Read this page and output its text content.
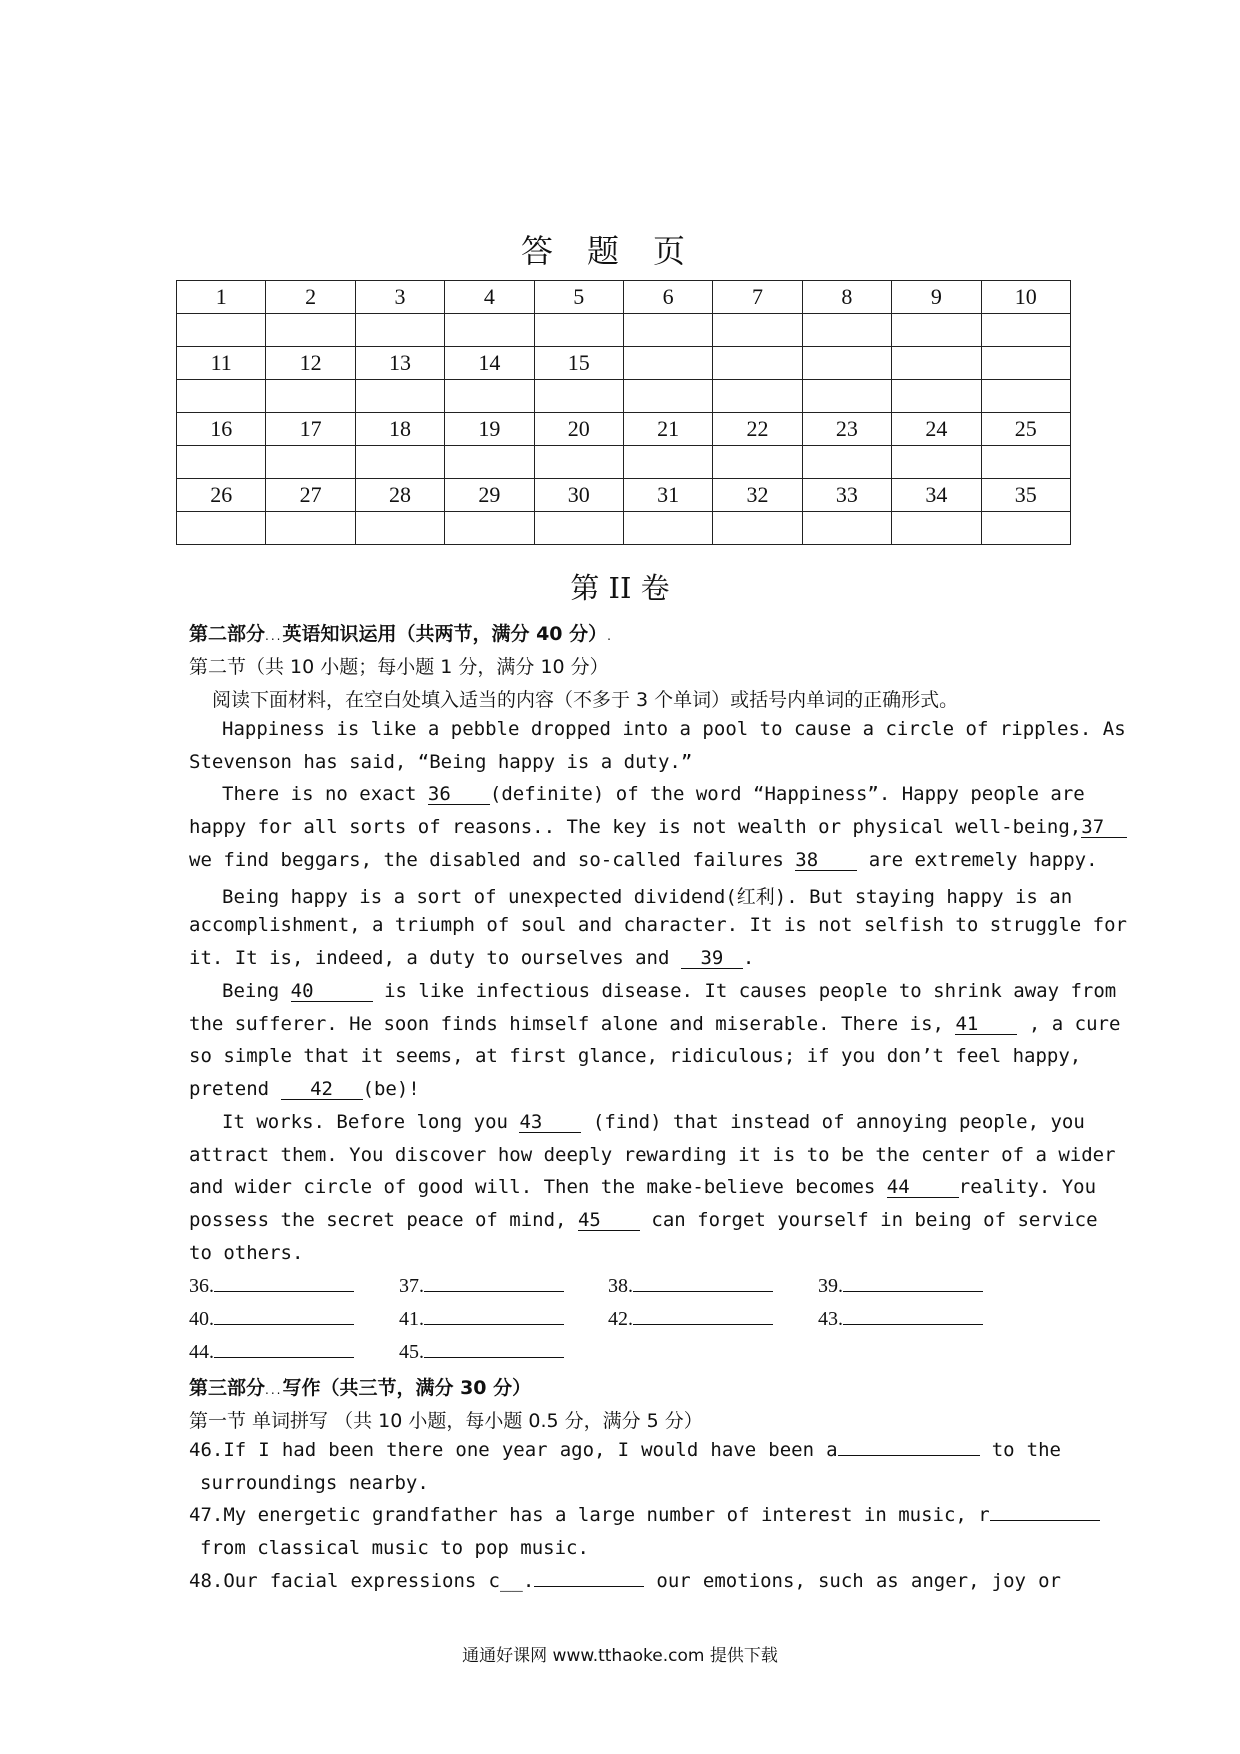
答题页
1	2	3	4	5	6	7	8	9	10

11	12	13	14	15					

16	17	18	19	20	21	22	23	24	25

26	27	28	29	30	31	32	33	34	35

第 II 卷
第二部分...英语知识运用（共两节，满分 40 分）.
第二节（共 10 小题；每小题 1 分，满分 10 分）
阅读下面材料，在空白处填入适当的内容（不多于 3 个单词）或括号内单词的正确形式。
Happiness is like a pebble dropped into a pool to cause a circle of ripples. As
Stevenson has said, “Being happy is a duty.”
There is no exact 36 (definite) of the word “Happiness”. Happy people are
happy for all sorts of reasons.. The key is not wealth or physical well-being,37
we find beggars, the disabled and so-called failures 38	are extremely happy.
Being happy is a sort of unexpected dividend(红利). But staying happy is an
accomplishment, a triumph of soul and character. It is not selfish to struggle for
it. It is, indeed, a duty to ourselves and 39 .
Being 40	is like infectious disease. It causes people to shrink away from
the sufferer. He soon finds himself alone and miserable. There is, 41	, a cure
so simple that it seems, at first glance, ridiculous; if you don’t feel happy,
pretend 42 (be)!
It works. Before long you 43	(find) that instead of annoying people, you
attract them. You discover how deeply rewarding it is to be the center of a wider
and wider circle of good will. Then the make-believe becomes 44	reality. You
possess the secret peace of mind, 45	can forget yourself in being of service
to others.
36.	37.	38.	39.
40.	41.	42.	43.
44.	45.
第三部分...写作（共三节，满分 30 分）
第一节 单词拼写 （共 10 小题，每小题 0.5 分，满分 5 分）
46.If I had been there one year ago, I would have been a	to the
surroundings nearby.
47.My energetic grandfather has a large number of interest in music, r
from classical music to pop music.
48.Our facial expressions c__.	our emotions, such as anger, joy or
通通好课网 www.tthaoke.com 提供下载
